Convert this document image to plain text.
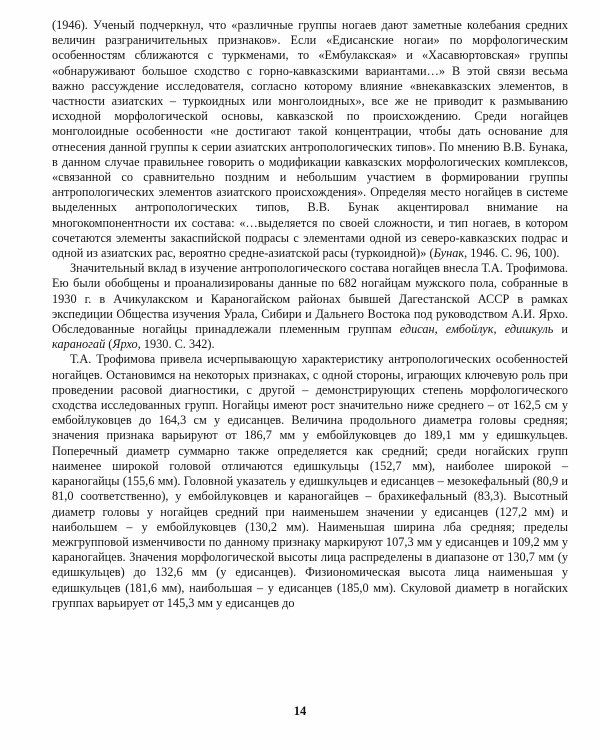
(1946). Ученый подчеркнул, что «различные группы ногаев дают заметные колебания средних величин разграничительных признаков». Если «Едисанские ногаи» по морфологическим особенностям сближаются с туркменами, то «Ембулакская» и «Хасавюртовская» группы «обнаруживают большое сходство с горно-кавказскими вариантами…» В этой связи весьма важно рассуждение исследователя, согласно которому влияние «внекавказских элементов, в частности азиатских – туркоидных или монголоидных», все же не приводит к размыванию исходной морфологической основы, кавказской по происхождению. Среди ногайцев монголоидные особенности «не достигают такой концентрации, чтобы дать основание для отнесения данной группы к серии азиатских антропологических типов». По мнению В.В. Бунака, в данном случае правильнее говорить о модификации кавказских морфологических комплексов, «связанной со сравнительно поздним и небольшим участием в формировании группы антропологических элементов азиатского происхождения». Определяя место ногайцев в системе выделенных антропологических типов, В.В. Бунак акцентировал внимание на многокомпонентности их состава: «…выделяется по своей сложности, и тип ногаев, в котором сочетаются элементы закаспийской подрасы с элементами одной из северо-кавказских подрас и одной из азиатских рас, вероятно средне-азиатской расы (туркоидной)» (Бунак, 1946. С. 96, 100).

Значительный вклад в изучение антропологического состава ногайцев внесла Т.А. Трофимова. Ею были обобщены и проанализированы данные по 682 ногайцам мужского пола, собранные в 1930 г. в Ачикулакском и Караногайском районах бывшей Дагестанской АССР в рамках экспедиции Общества изучения Урала, Сибири и Дальнего Востока под руководством А.И. Ярхо. Обследованные ногайцы принадлежали племенным группам едисан, ембойлук, едишкуль и караногай (Ярхо, 1930. С. 342).

Т.А. Трофимова привела исчерпывающую характеристику антропологических особенностей ногайцев. Остановимся на некоторых признаках, с одной стороны, играющих ключевую роль при проведении расовой диагностики, с другой – демонстрирующих степень морфологического сходства исследованных групп. Ногайцы имеют рост значительно ниже среднего – от 162,5 см у ембойлуковцев до 164,3 см у едисанцев. Величина продольного диаметра головы средняя; значения признака варьируют от 186,7 мм у ембойлуковцев до 189,1 мм у едишкульцев. Поперечный диаметр суммарно также определяется как средний; среди ногайских групп наименее широкой головой отличаются едишкульцы (152,7 мм), наиболее широкой – караногайцы (155,6 мм). Головной указатель у едишкульцев и едисанцев – мезокефальный (80,9 и 81,0 соответственно), у ембойлуковцев и караногайцев – брахикефальный (83,3). Высотный диаметр головы у ногайцев средний при наименьшем значении у едисанцев (127,2 мм) и наибольшем – у ембойлуковцев (130,2 мм). Наименьшая ширина лба средняя; пределы межгрупповой изменчивости по данному признаку маркируют 107,3 мм у едисанцев и 109,2 мм у караногайцев. Значения морфологической высоты лица распределены в диапазоне от 130,7 мм (у едишкульцев) до 132,6 мм (у едисанцев). Физиономическая высота лица наименьшая у едишкульцев (181,6 мм), наибольшая – у едисанцев (185,0 мм). Скуловой диаметр в ногайских группах варьирует от 145,3 мм у едисанцев до

14
